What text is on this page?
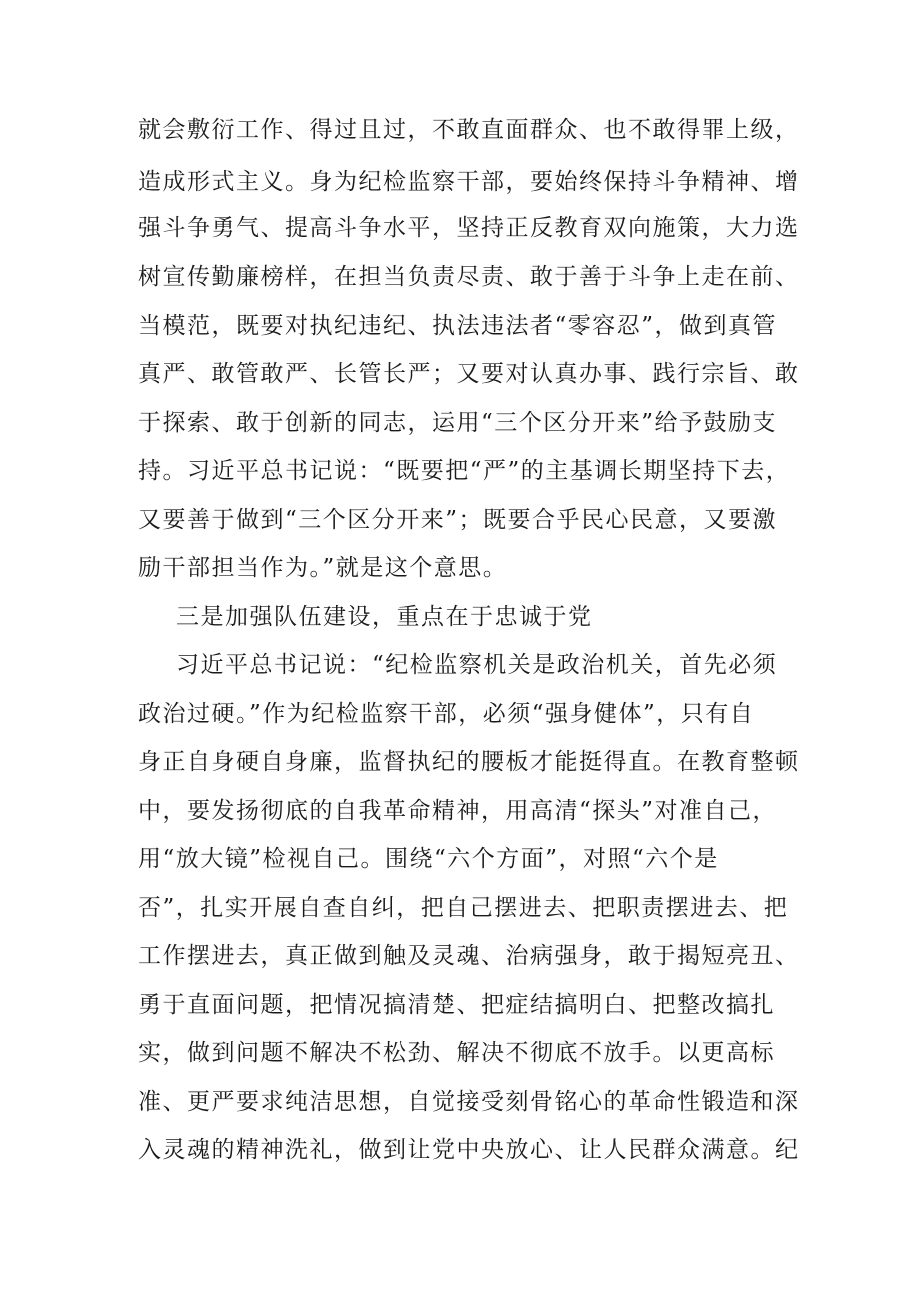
就会敷衍工作、得过且过，不敢直面群众、也不敢得罪上级，
造成形式主义。身为纪检监察干部，要始终保持斗争精神、增
强斗争勇气、提高斗争水平，坚持正反教育双向施策，大力选
树宣传勤廉榜样，在担当负责尽责、敢于善于斗争上走在前、
当模范，既要对执纪违纪、执法违法者“零容忍”，做到真管
真严、敢管敢严、长管长严；又要对认真办事、践行宗旨、敢
于探索、敢于创新的同志，运用“三个区分开来”给予鼓励支
持。习近平总书记说：“既要把“严”的主基调长期坚持下去，
又要善于做到“三个区分开来”；既要合乎民心民意，又要激
励干部担当作为。”就是这个意思。
三是加强队伍建设，重点在于忠诚于党
习近平总书记说：“纪检监察机关是政治机关，首先必须
政治过硬。”作为纪检监察干部，必须“强身健体”，只有自
身正自身硬自身廉，监督执纪的腰板才能挺得直。在教育整顿
中，要发扬彻底的自我革命精神，用高清“探头”对准自己，
用“放大镜”检视自己。围绕“六个方面”，对照“六个是
否”，扎实开展自查自纠，把自己摆进去、把职责摆进去、把
工作摆进去，真正做到触及灵魂、治病强身，敢于揭短亮丑、
勇于直面问题，把情况搞清楚、把症结搞明白、把整改搞扎
实，做到问题不解决不松劲、解决不彻底不放手。以更高标
准、更严要求纯洁思想，自觉接受刻骨铭心的革命性锻造和深
入灵魂的精神洗礼，做到让党中央放心、让人民群众满意。纪
